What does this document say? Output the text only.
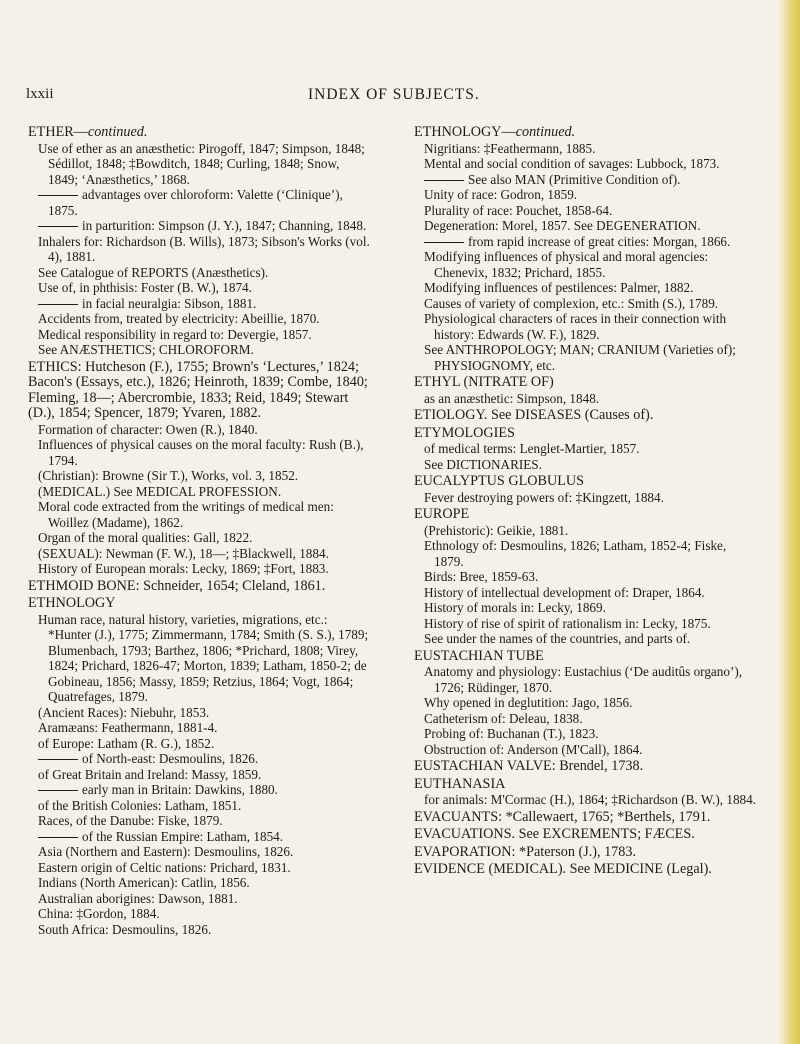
lxxii	INDEX OF SUBJECTS.
ETHER—continued.
Use of ether as an anæsthetic: Pirogoff, 1847; Simpson, 1848; Sédillot, 1848; ‡Bowditch, 1848; Curling, 1848; Snow, 1849; ‘Anæsthetics,’ 1868.
advantages over chloroform: Valette (‘Clinique’), 1875.
in parturition: Simpson (J. Y.), 1847; Channing, 1848.
Inhalers for: Richardson (B. Wills), 1873; Sibson's Works (vol. 4), 1881.
See Catalogue of REPORTS (Anæsthetics).
Use of, in phthisis: Foster (B. W.), 1874.
in facial neuralgia: Sibson, 1881.
Accidents from, treated by electricity: Abeillie, 1870.
Medical responsibility in regard to: Devergie, 1857.
See ANÆSTHETICS; CHLOROFORM.
ETHICS: Hutcheson (F.), 1755; Brown's ‘Lectures,’ 1824; Bacon's (Essays, etc.), 1826; Heinroth, 1839; Combe, 1840; Fleming, 18—; Abercrombie, 1833; Reid, 1849; Stewart (D.), 1854; Spencer, 1879; Yvaren, 1882.
Formation of character: Owen (R.), 1840.
Influences of physical causes on the moral faculty: Rush (B.), 1794.
(Christian): Browne (Sir T.), Works, vol. 3, 1852.
(MEDICAL.) See MEDICAL PROFESSION.
Moral code extracted from the writings of medical men: Woillez (Madame), 1862.
Organ of the moral qualities: Gall, 1822.
(SEXUAL): Newman (F. W.), 18—; ‡Blackwell, 1884.
History of European morals: Lecky, 1869; ‡Fort, 1883.
ETHMOID BONE: Schneider, 1654; Cleland, 1861.
ETHNOLOGY
Human race, natural history, varieties, migrations, etc.: *Hunter (J.), 1775; Zimmermann, 1784; Smith (S. S.), 1789; Blumenbach, 1793; Barthez, 1806; *Prichard, 1808; Virey, 1824; Prichard, 1826-47; Morton, 1839; Latham, 1850-2; de Gobineau, 1856; Massy, 1859; Retzius, 1864; Vogt, 1864; Quatrefages, 1879.
(Ancient Races): Niebuhr, 1853.
Aramæans: Feathermann, 1881-4.
of Europe: Latham (R. G.), 1852.
of North-east: Desmoulins, 1826.
of Great Britain and Ireland: Massy, 1859.
early man in Britain: Dawkins, 1880.
of the British Colonies: Latham, 1851.
Races, of the Danube: Fiske, 1879.
of the Russian Empire: Latham, 1854.
Asia (Northern and Eastern): Desmoulins, 1826.
Eastern origin of Celtic nations: Prichard, 1831.
Indians (North American): Catlin, 1856.
Australian aborigines: Dawson, 1881.
China: ‡Gordon, 1884.
South Africa: Desmoulins, 1826.
ETHNOLOGY—continued.
Nigritians: ‡Feathermann, 1885.
Mental and social condition of savages: Lubbock, 1873.
See also MAN (Primitive Condition of).
Unity of race: Godron, 1859.
Plurality of race: Pouchet, 1858-64.
Degeneration: Morel, 1857. See DEGENERATION.
from rapid increase of great cities: Morgan, 1866.
Modifying influences of physical and moral agencies: Chenevix, 1832; Prichard, 1855.
Modifying influences of pestilences: Palmer, 1882.
Causes of variety of complexion, etc.: Smith (S.), 1789.
Physiological characters of races in their connection with history: Edwards (W. F.), 1829.
See ANTHROPOLOGY; MAN; CRANIUM (Varieties of); PHYSIOGNOMY, etc.
ETHYL (NITRATE OF)
as an anæsthetic: Simpson, 1848.
ETIOLOGY. See DISEASES (Causes of).
ETYMOLOGIES
of medical terms: Lenglet-Martier, 1857.
See DICTIONARIES.
EUCALYPTUS GLOBULUS
Fever destroying powers of: ‡Kingzett, 1884.
EUROPE
(Prehistoric): Geikie, 1881.
Ethnology of: Desmoulins, 1826; Latham, 1852-4; Fiske, 1879.
Birds: Bree, 1859-63.
History of intellectual development of: Draper, 1864.
History of morals in: Lecky, 1869.
History of rise of spirit of rationalism in: Lecky, 1875.
See under the names of the countries, and parts of.
EUSTACHIAN TUBE
Anatomy and physiology: Eustachius (‘De auditûs organo’), 1726; Rüdinger, 1870.
Why opened in deglutition: Jago, 1856.
Catheterism of: Deleau, 1838.
Probing of: Buchanan (T.), 1823.
Obstruction of: Anderson (M'Call), 1864.
EUSTACHIAN VALVE: Brendel, 1738.
EUTHANASIA
for animals: M'Cormac (H.), 1864; ‡Richardson (B. W.), 1884.
EVACUANTS: *Callewaert, 1765; *Berthels, 1791.
EVACUATIONS. See EXCREMENTS; FÆCES.
EVAPORATION: *Paterson (J.), 1783.
EVIDENCE (MEDICAL). See MEDICINE (Legal).
